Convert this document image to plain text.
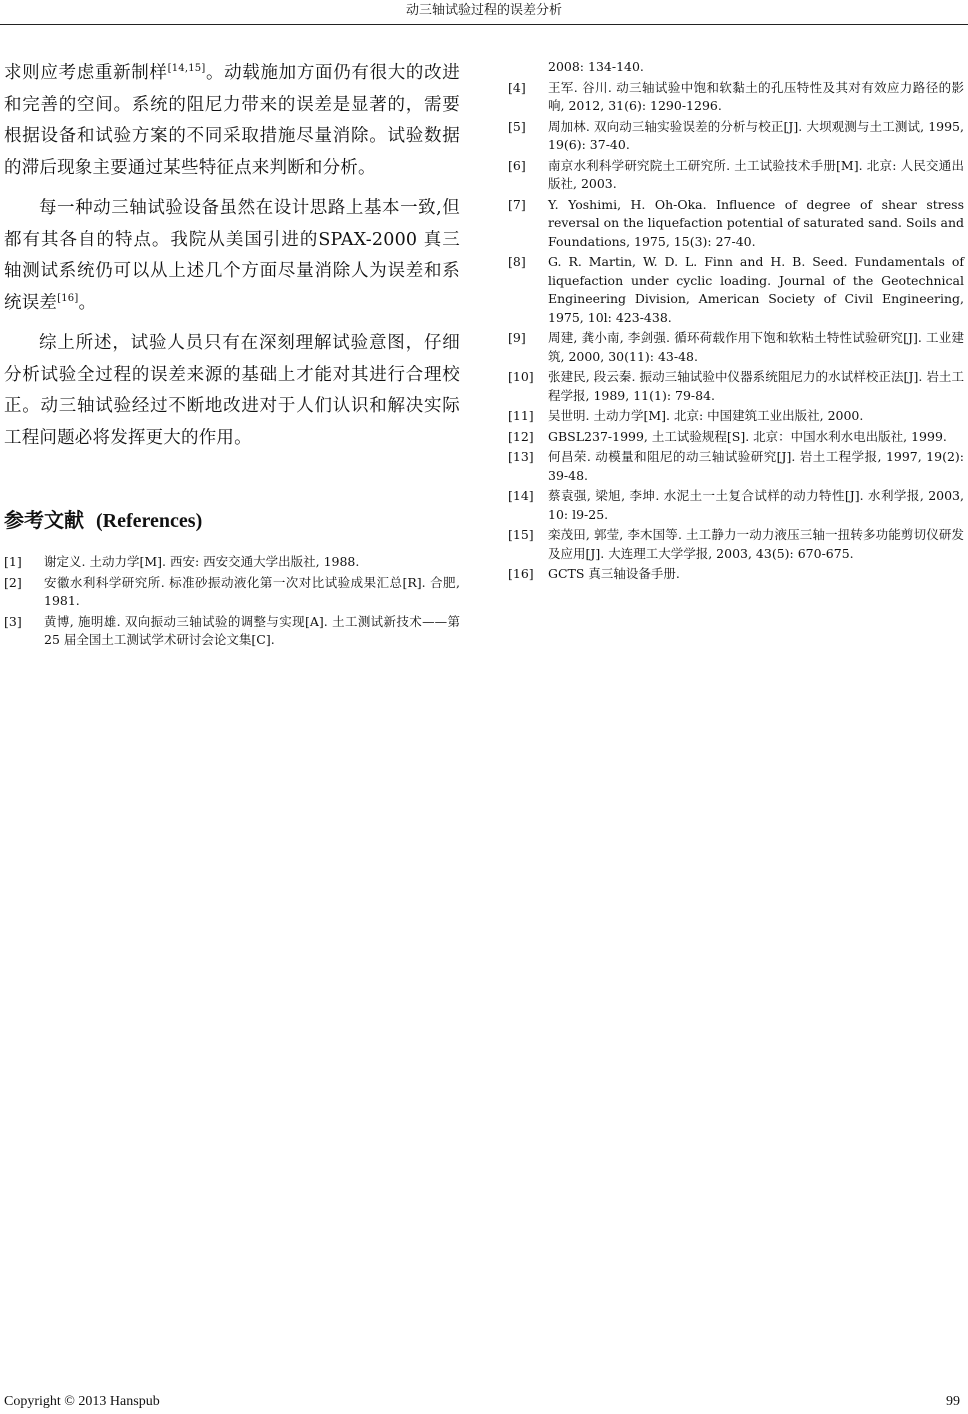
动三轴试验过程的误差分析

求则应考虑重新制样[14,15]。动载施加方面仍有很大的改进和完善的空间。系统的阻尼力带来的误差是显著的，需要根据设备和试验方案的不同采取措施尽量消除。试验数据的滞后现象主要通过某些特征点来判断和分析。

每一种动三轴试验设备虽然在设计思路上基本一致,但都有其各自的特点。我院从美国引进的SPAX-2000 真三轴测试系统仍可以从上述几个方面尽量消除人为误差和系统误差[16]。

综上所述，试验人员只有在深刻理解试验意图，仔细分析试验全过程的误差来源的基础上才能对其进行合理校正。动三轴试验经过不断地改进对于人们认识和解决实际工程问题必将发挥更大的作用。

参考文献 (References)
[1] 谢定义. 土动力学[M]. 西安: 西安交通大学出版社, 1988.
[2] 安徽水利科学研究所. 标准砂振动液化第一次对比试验成果汇总[R]. 合肥, 1981.
[3] 黄博, 施明雄. 双向振动三轴试验的调整与实现[A]. 土工测试新技术——第 25 届全国土工测试学术研讨会论文集[C].
2008: 134-140.
[4] 王军. 谷川. 动三轴试验中饱和软黏土的孔压特性及其对有效应力路径的影响, 2012, 31(6): 1290-1296.
[5] 周加林. 双向动三轴实验误差的分析与校正[J]. 大坝观测与土工测试, 1995, 19(6): 37-40.
[6] 南京水利科学研究院土工研究所. 土工试验技术手册[M]. 北京: 人民交通出版社, 2003.
[7] Y. Yoshimi, H. Oh-Oka. Influence of degree of shear stress reversal on the liquefaction potential of saturated sand. Soils and Foundations, 1975, 15(3): 27-40.
[8] G. R. Martin, W. D. L. Finn and H. B. Seed. Fundamentals of liquefaction under cyclic loading. Journal of the Geotechnical Engineering Division, American Society of Civil Engineering, 1975, 10l: 423-438.
[9] 周建, 龚小南, 李剑强. 循环荷载作用下饱和软粘土特性试验研究[J]. 工业建筑, 2000, 30(11): 43-48.
[10] 张建民, 段云秦. 振动三轴试验中仪器系统阻尼力的水试样校正法[J]. 岩土工程学报, 1989, 11(1): 79-84.
[11] 吴世明. 土动力学[M]. 北京: 中国建筑工业出版社, 2000.
[12] GBSL237-1999, 土工试验规程[S]. 北京：中国水利水电出版社, 1999.
[13] 何昌荣. 动模量和阻尼的动三轴试验研究[J]. 岩土工程学报, 1997, 19(2): 39-48.
[14] 蔡袁强, 梁旭, 李坤. 水泥土一土复合试样的动力特性[J]. 水利学报, 2003, 10: l9-25.
[15] 栾茂田, 郭莹, 李木国等. 土工静力一动力液压三轴一扭转多功能剪切仪研发及应用[J]. 大连理工大学学报, 2003, 43(5): 670-675.
[16] GCTS 真三轴设备手册.
Copyright © 2013 Hanspub	99
